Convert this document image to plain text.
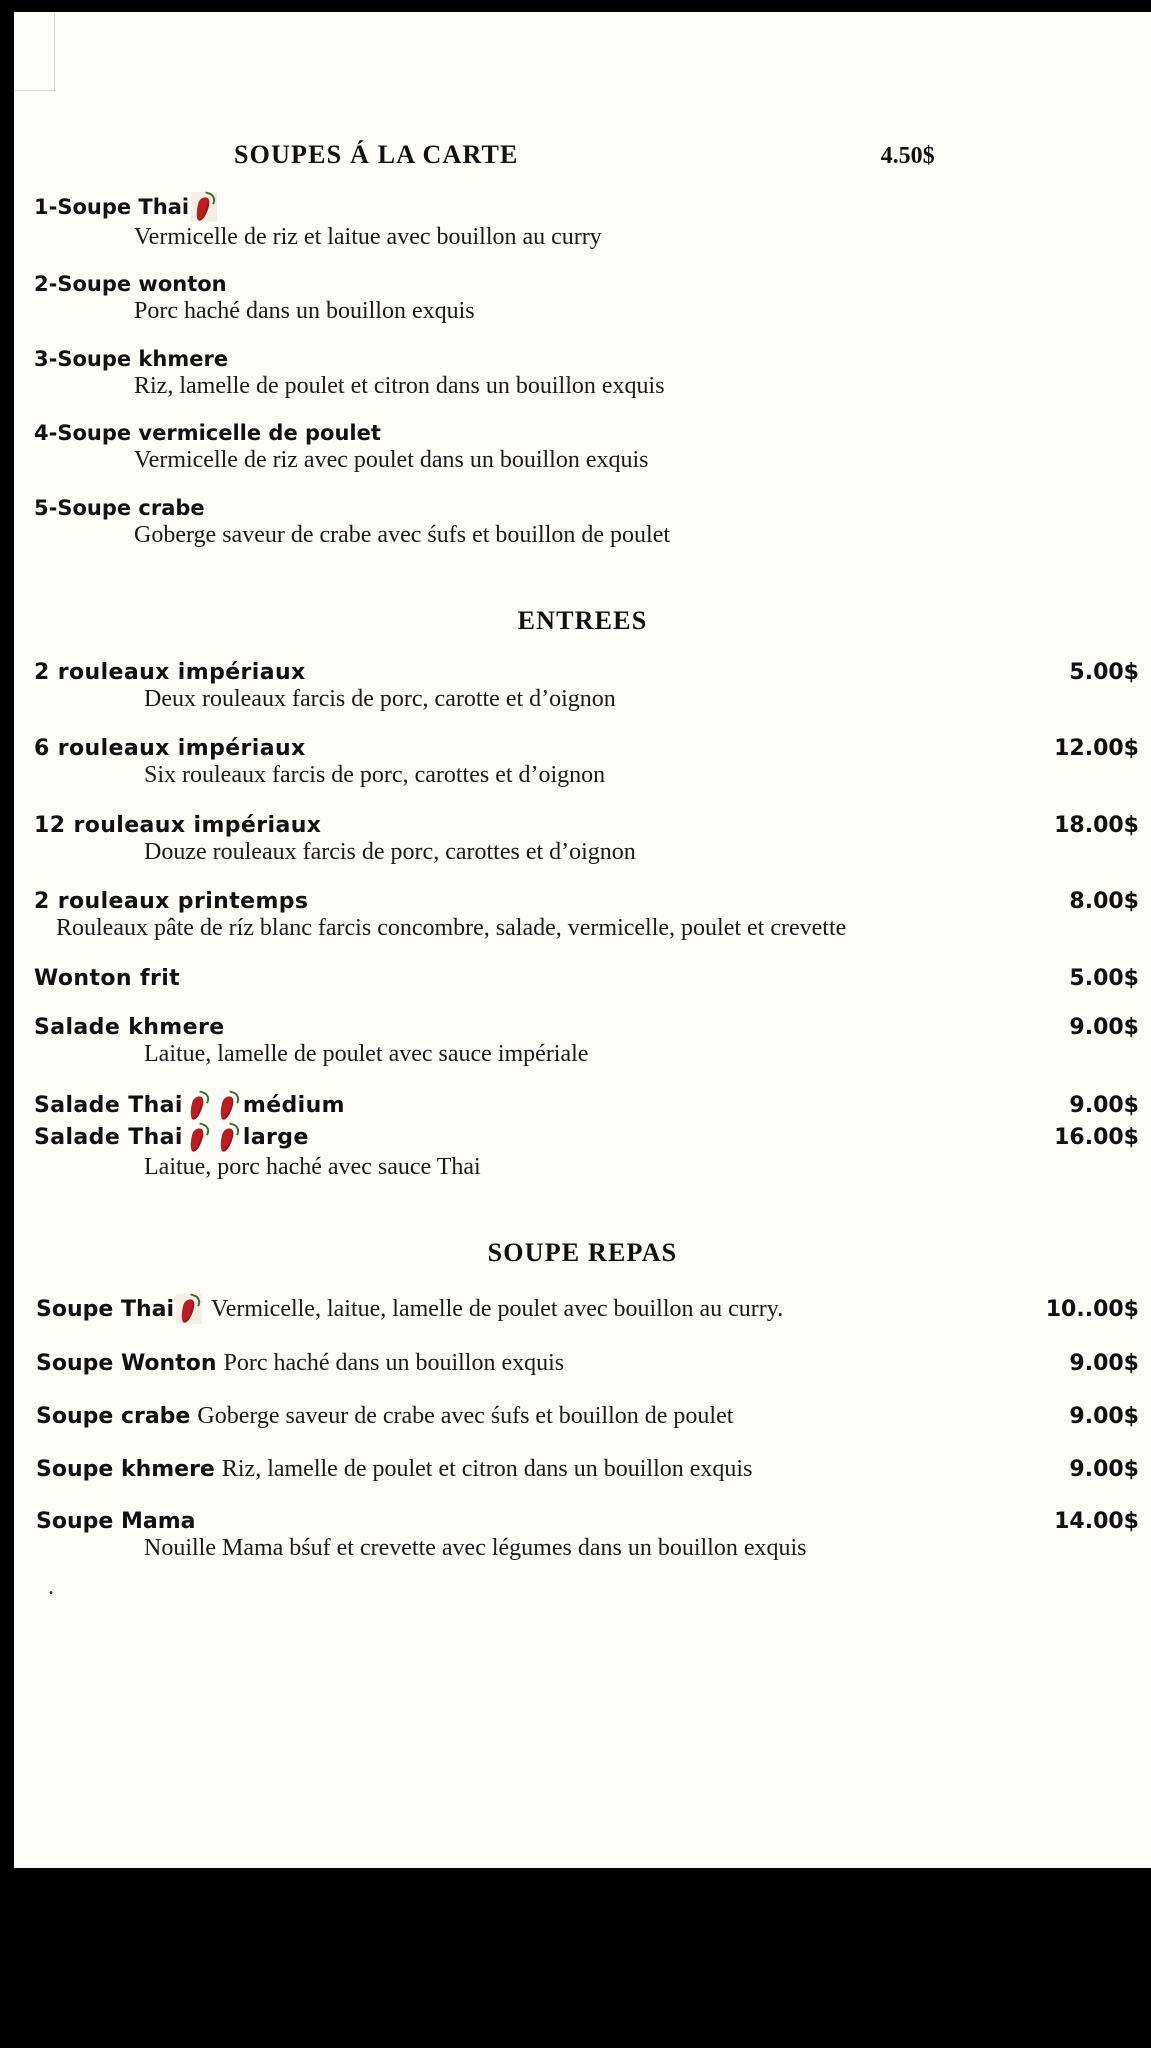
SOUPES Á LA CARTE	4.50$
1-Soupe Thai
Vermicelle de riz et laitue avec bouillon au curry
2-Soupe wonton
Porc haché dans un bouillon exquis
3-Soupe khmere
Riz, lamelle de poulet et citron dans un bouillon exquis
4-Soupe vermicelle de poulet
Vermicelle de riz avec poulet dans un bouillon exquis
5-Soupe crabe
Goberge saveur de crabe avec śufs et bouillon de poulet
ENTREES
2 rouleaux impériaux .....	5.00$
Deux rouleaux farcis de porc, carotte et d’oignon
6 rouleaux impériaux .....	12.00$
Six rouleaux farcis de porc, carottes et d’oignon
12 rouleaux impériaux .....	18.00$
Douze rouleaux farcis de porc, carottes et d’oignon
2 rouleaux printemps .....	8.00$
Rouleaux pâte de ríz blanc farcis concombre, salade, vermicelle, poulet et crevette
Wonton frit .....	5.00$
Salade khmere .....	9.00$
Laitue, lamelle de poulet avec sauce impériale
Salade Thai	médium .....	9.00$
Salade Thai	large .....	16.00$
Laitue, porc haché avec sauce Thai
SOUPE REPAS
Soupe Thai Vermicelle, laitue, lamelle de poulet avec bouillon au curry. .....	10..00$
Soupe Wonton Porc haché dans un bouillon exquis .....	9.00$
Soupe crabe Goberge saveur de crabe avec śufs et bouillon de poulet .....	9.00$
Soupe khmere Riz, lamelle de poulet et citron dans un bouillon exquis .....	9.00$
Soupe Mama .....	14.00$
Nouille Mama bśuf et crevette avec légumes dans un bouillon exquis
.
